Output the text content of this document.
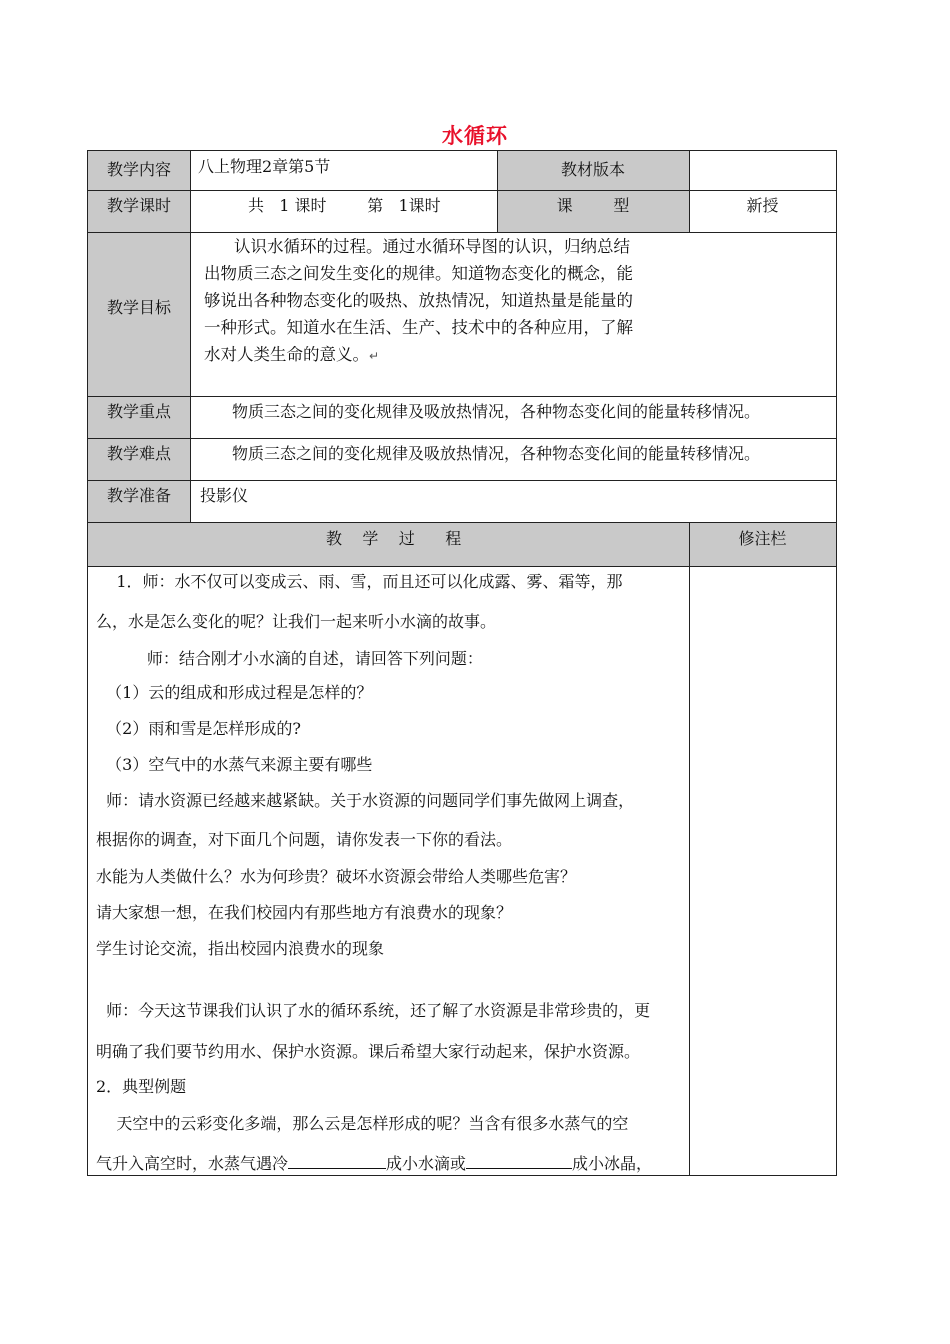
水循环
教学内容	八上物理2章第5节	教材版本
教学课时	共   1 课时        第   1课时	课        型	新授
教学目标

认识水循环的过程。通过水循环导图的认识，归纳总结

出物质三态之间发生变化的规律。知道物态变化的概念，能

够说出各种物态变化的吸热、放热情况，知道热量是能量的

一种形式。知道水在生活、生产、技术中的各种应用，了解

水对人类生命的意义。↵

教学重点	物质三态之间的变化规律及吸放热情况，各种物态变化间的能量转移情况。
教学难点	物质三态之间的变化规律及吸放热情况，各种物态变化间的能量转移情况。
教学准备	投影仪
教    学    过      程	修注栏
1．师：水不仅可以变成云、雨、雪，而且还可以化成露、雾、霜等，那
么，水是怎么变化的呢？让我们一起来听小水滴的故事。
师：结合刚才小水滴的自述，请回答下列问题：
（1）云的组成和形成过程是怎样的？
（2）雨和雪是怎样形成的?
（3）空气中的水蒸气来源主要有哪些
师：请水资源已经越来越紧缺。关于水资源的问题同学们事先做网上调查，
根据你的调查，对下面几个问题，请你发表一下你的看法。
水能为人类做什么？水为何珍贵？破坏水资源会带给人类哪些危害？
请大家想一想，在我们校园内有那些地方有浪费水的现象？
学生讨论交流，指出校园内浪费水的现象
师：今天这节课我们认识了水的循环系统，还了解了水资源是非常珍贵的，更
明确了我们要节约用水、保护水资源。课后希望大家行动起来，保护水资源。
2．典型例题
天空中的云彩变化多端，那么云是怎样形成的呢？当含有很多水蒸气的空
气升入高空时，水蒸气遇冷	成小水滴或	成小冰晶，
